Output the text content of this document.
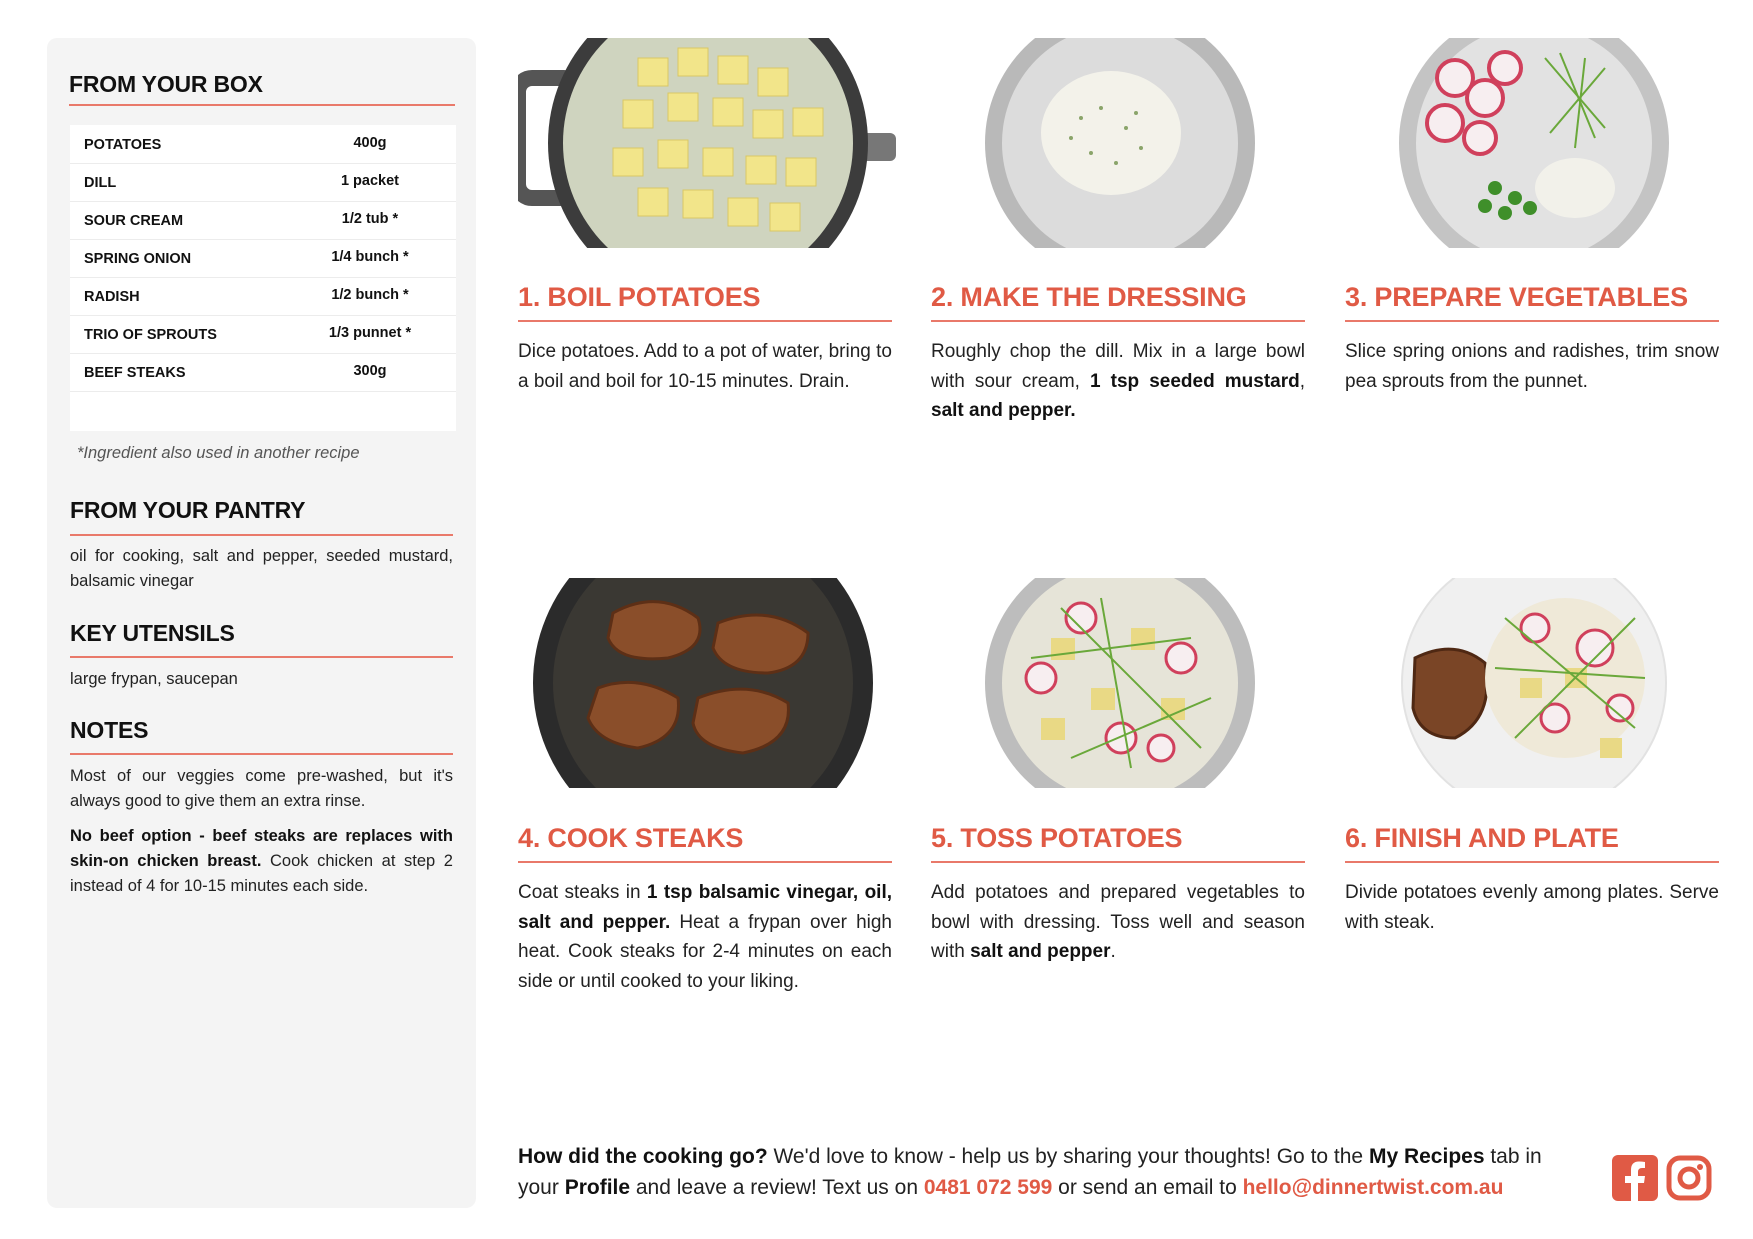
FROM YOUR BOX
POTATOES	400g
DILL	1 packet
SOUR CREAM	1/2 tub *
SPRING ONION	1/4 bunch *
RADISH	1/2 bunch *
TRIO OF SPROUTS	1/3 punnet *
BEEF STEAKS	300g
*Ingredient also used in another recipe
FROM YOUR PANTRY
oil for cooking, salt and pepper, seeded mustard, balsamic vinegar
KEY UTENSILS
large frypan, saucepan
NOTES
Most of our veggies come pre-washed, but it's always good to give them an extra rinse.
No beef option - beef steaks are replaces with skin-on chicken breast. Cook chicken at step 2 instead of 4 for 10-15 minutes each side.
1. BOIL POTATOES
Dice potatoes. Add to a pot of water, bring to a boil and boil for 10-15 minutes. Drain.
2. MAKE THE DRESSING
Roughly chop the dill. Mix in a large bowl with sour cream, 1 tsp seeded mustard, salt and pepper.
3. PREPARE VEGETABLES
Slice spring onions and radishes, trim snow pea sprouts from the punnet.
4. COOK STEAKS
Coat steaks in 1 tsp balsamic vinegar, oil, salt and pepper. Heat a frypan over high heat. Cook steaks for 2-4 minutes on each side or until cooked to your liking.
5. TOSS POTATOES
Add potatoes and prepared vegetables to bowl with dressing. Toss well and season with salt and pepper.
6. FINISH AND PLATE
Divide potatoes evenly among plates. Serve with steak.
How did the cooking go? We'd love to know - help us by sharing your thoughts! Go to the My Recipes tab in your Profile and leave a review! Text us on 0481 072 599 or send an email to hello@dinnertwist.com.au
